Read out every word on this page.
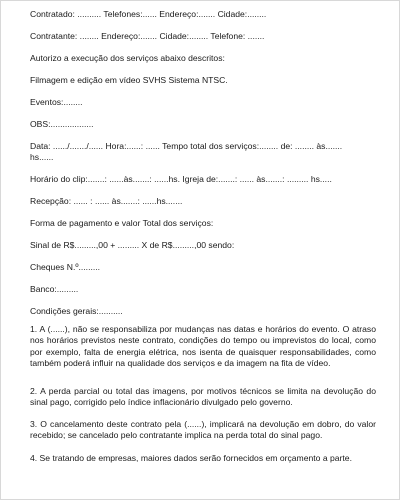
Contratado: .......... Telefones:...... Endereço:....... Cidade:........
Contratante: ........ Endereço:....... Cidade:........ Telefone: .......
Autorizo a execução dos serviços abaixo descritos:
Filmagem e edição em vídeo SVHS Sistema NTSC.
Eventos:........
OBS:..................
Data: ....../......./...... Hora:......: ...... Tempo total dos serviços:........ de: ........ às.......
hs......
Horário do clip:.......: ......às.......: ......hs. Igreja de:.......: ...... às.......: ......... hs.....
Recepção: ...... : ...... às.......: ......hs.......
Forma de pagamento e valor Total dos serviços:
Sinal de R$.........,00 + ......... X de R$.........,00 sendo:
Cheques N.º.........
Banco:.........
Condições gerais:..........
1. A (......), não se responsabiliza por mudanças nas datas e horários do evento. O atraso nos horários previstos neste contrato, condições do tempo ou imprevistos do local, como por exemplo, falta de energia elétrica, nos isenta de quaisquer responsabilidades, como também poderá influir na qualidade dos serviços e da imagem na fita de vídeo.
2. A perda parcial ou total das imagens, por motivos técnicos se limita na devolução do sinal pago, corrigido pelo índice inflacionário divulgado pelo governo.
3. O cancelamento deste contrato pela (......), implicará na devolução em dobro, do valor recebido; se cancelado pelo contratante implica na perda total do sinal pago.
4. Se tratando de empresas, maiores dados serão fornecidos em orçamento a parte.
